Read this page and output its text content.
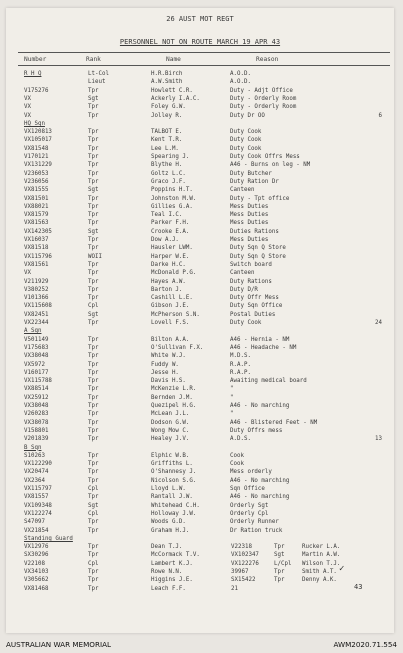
26 AUST MOT REGT
PERSONNEL NOT ON ROUTE MARCH 19 APR 43
Number	Rank	Name	Reason
R H Q	Lt-Col	H.R.Birch	A.O.D.
Lieut	A.W.Smith	A.O.D.
V175276	Tpr	Howlett C.R.	Duty - Adjt Office
VX	Sgt	Ackerly I.A.C.	Duty - Orderly Room
VX	Tpr	Foley G.W.	Duty - Orderly Room
VX	Tpr	Jolley R.	Duty Dr OO	6
HQ Sqn
VX120813	Tpr	TALBOT E.	Duty Cook
VX105017	Tpr	Kent T.R.	Duty Cook
VX81548	Tpr	Lee L.M.	Duty Cook
V170121	Tpr	Spearing J.	Duty Cook Offrs Mess
VX131229	Tpr	Blythe H.	A46 - Burns on leg - NM
V236053	Tpr	Goltz L.C.	Duty Butcher
V236056	Tpr	Graco J.F.	Duty Ration Dr
VX81555	Sgt	Poppins H.T.	Canteen
VX81501	Tpr	Johnston M.W.	Duty - Tpt office
VX88021	Tpr	Gillies G.A.	Mess Duties
VX81579	Tpr	Teal I.C.	Mess Duties
VX81563	Tpr	Parker F.H.	Mess Duties
VX142305	Sgt	Crooke E.A.	Duties Rations
VX16037	Tpr	Dow A.J.	Mess Duties
VX81518	Tpr	Hausler LWM.	Duty Sqn Q Store
VX115796	WOII	Harper W.E.	Duty Sqn Q Store
VX81561	Tpr	Darke H.C.	Switch board
VX	Tpr	McDonald P.G.	Canteen
V211929	Tpr	Hayes A.W.	Duty Rations
V380252	Tpr	Barton J.	Duty D/R
V101366	Tpr	Cashill L.E.	Duty Offr Mess
VX115608	Cpl	Gibson J.E.	Duty Sqn Office
VX82451	Sgt	McPherson S.N.	Postal Duties
VX22344	Tpr	Lovell F.S.	Duty Cook	24
A Sqn
V501149	Tpr	Bilton A.A.	A46 - Hernia - NM
V175683	Tpr	O'Sullivan F.X.	A46 - Headache - NM
VX38048	Tpr	White W.J.	M.D.S.
VX5972	Tpr	Fuddy W.	R.A.P.
V160177	Tpr	Jesse H.	R.A.P.
VX115788	Tpr	Davis H.S.	Awaiting medical board
VX88514	Tpr	McKenzie L.R.	"
VX25912	Tpr	Bernden J.M.	"
VX38048	Tpr	Quezipel H.G.	A46 - No marching
V260283	Tpr	McLean J.L.	"
VX38078	Tpr	Dodson G.W.	A46 - Blistered Feet - NM
V158801	Tpr	Wong Mow C.	Duty Offrs mess
V201839	Tpr	Healey J.V.	A.D.S.	13
B Sqn
S10263	Tpr	Elphic W.B.	Cook
VX122290	Tpr	Griffiths L.	Cook
VX20474	Tpr	O'Shannesy J.	Mess orderly
VX2364	Tpr	Nicolson S.G.	A46 - No marching
VX115797	Cpl	Lloyd L.W.	Sqn Office
VX81557	Tpr	Rantall J.W.	A46 - No marching
VX109348	Sgt	Whitehead C.H.	Orderly Sgt
VX122274	Cpl	Holloway J.W.	Orderly Cpl
S47097	Tpr	Woods G.D.	Orderly Runner
VX21854	Tpr	Graham H.J.	Dr Ration truck
Standing Guard
VX12976	Tpr	Dean T.J.	V22318	Tpr	Rucker L.A.
SX30296	Tpr	McCormack T.V.	VX102347	Sgt	Martin A.W.
V22108	Cpl	Lambert K.J.	VX122276	L/Cpl Wilson T.J.
VX34103	Tpr	Rowe N.N.	39967	Tpr	Smith A.T.
V305662	Tpr	Higgins J.E.	SX15422	Tpr	Denny A.K.
VX81468	Tpr	Leach F.F.	21
✓
43
AUSTRALIAN WAR MEMORIAL	AWM2020.71.554
